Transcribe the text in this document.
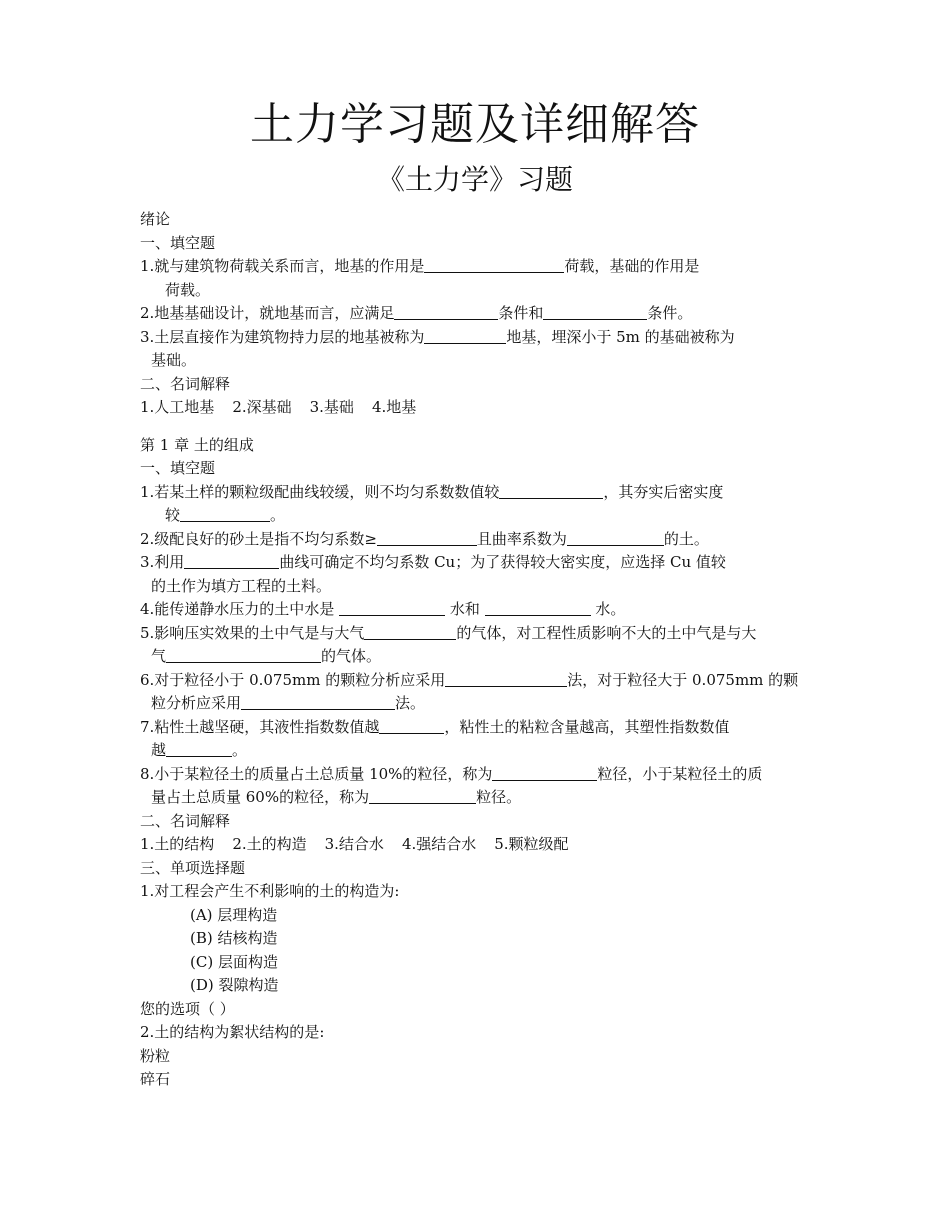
土力学习题及详细解答
《土力学》习题
绪论
一、填空题
1.就与建筑物荷载关系而言，地基的作用是	荷载，基础的作用是
荷载。
2.地基基础设计，就地基而言，应满足	条件和	条件。
3.土层直接作为建筑物持力层的地基被称为	地基，埋深小于 5m 的基础被称为
基础。
二、名词解释
1.人工地基 2.深基础 3.基础 4.地基
第 1 章 土的组成
一、填空题
1.若某土样的颗粒级配曲线较缓，则不均匀系数数值较	，其夯实后密实度
较	。
2.级配良好的砂土是指不均匀系数≥	且曲率系数为	的土。
3.利用	曲线可确定不均匀系数 Cu；为了获得较大密实度，应选择 Cu 值较
的土作为填方工程的土料。
4.能传递静水压力的土中水是	水和	水。
5.影响压实效果的土中气是与大气	的气体，对工程性质影响不大的土中气是与大
气	的气体。
6.对于粒径小于 0.075mm 的颗粒分析应采用	法，对于粒径大于 0.075mm 的颗
粒分析应采用	法。
7.粘性土越坚硬，其液性指数数值越	，粘性土的粘粒含量越高，其塑性指数数值
越	。
8.小于某粒径土的质量占土总质量 10%的粒径，称为	粒径，小于某粒径土的质
量占土总质量 60%的粒径，称为	粒径。
二、名词解释
1.土的结构 2.土的构造 3.结合水 4.强结合水 5.颗粒级配
三、单项选择题
1.对工程会产生不利影响的土的构造为:
(A) 层理构造
(B) 结核构造
(C) 层面构造
(D) 裂隙构造
您的选项（ ）
2.土的结构为絮状结构的是:
粉粒
碎石
